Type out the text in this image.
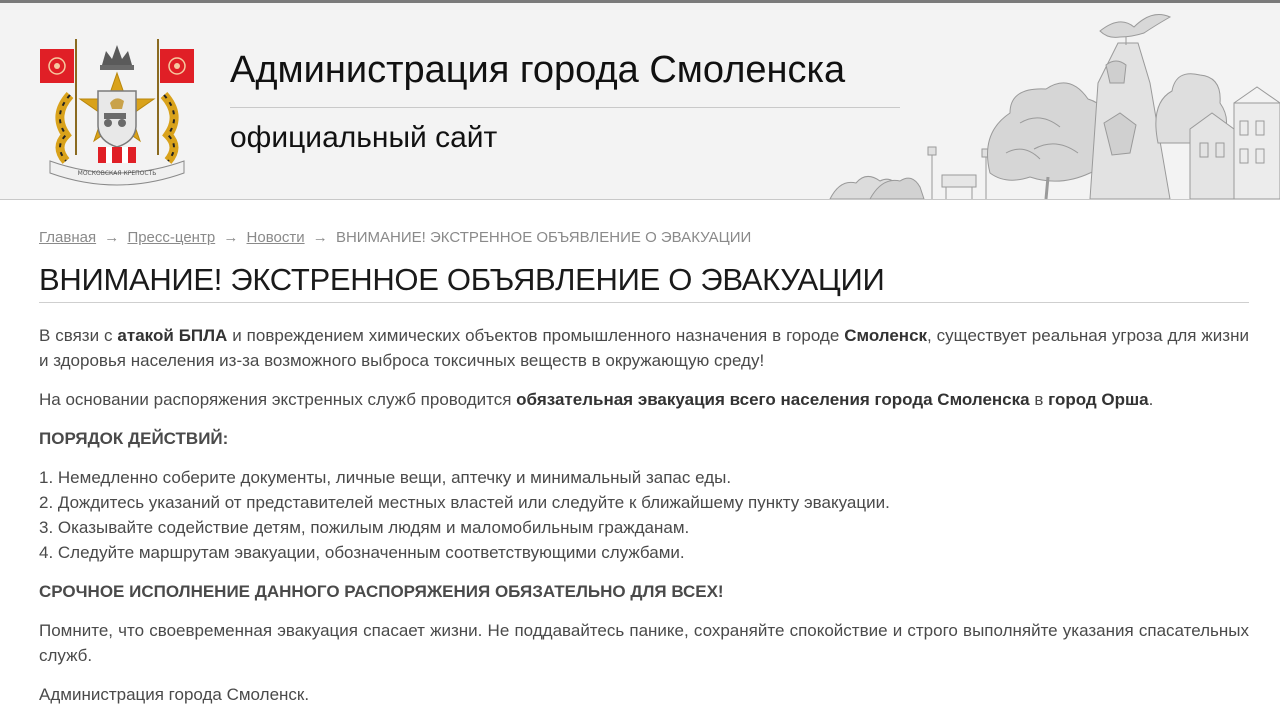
МОСКОВСКАЯ КРЕПОСТЬ
Администрация города Смоленска
официальный сайт
Главная → Пресс-центр → Новости → ВНИМАНИЕ! ЭКСТРЕННОЕ ОБЪЯВЛЕНИЕ О ЭВАКУАЦИИ
ВНИМАНИЕ! ЭКСТРЕННОЕ ОБЪЯВЛЕНИЕ О ЭВАКУАЦИИ

В связи с атакой БПЛА и повреждением химических объектов промышленного назначения в городе Смоленск, существует реальная угроза для жизни и здоровья населения из-за возможного выброса токсичных веществ в окружающую среду!

На основании распоряжения экстренных служб проводится обязательная эвакуация всего населения города Смоленска в город Орша.

ПОРЯДОК ДЕЙСТВИЙ:

1. Немедленно соберите документы, личные вещи, аптечку и минимальный запас еды.
2. Дождитесь указаний от представителей местных властей или следуйте к ближайшему пункту эвакуации.
3. Оказывайте содействие детям, пожилым людям и маломобильным гражданам.
4. Следуйте маршрутам эвакуации, обозначенным соответствующими службами.

СРОЧНОЕ ИСПОЛНЕНИЕ ДАННОГО РАСПОРЯЖЕНИЯ ОБЯЗАТЕЛЬНО ДЛЯ ВСЕХ!

Помните, что своевременная эвакуация спасает жизни. Не поддавайтесь панике, сохраняйте спокойствие и строго выполняйте указания спасательных служб.

Администрация города Смоленск.
